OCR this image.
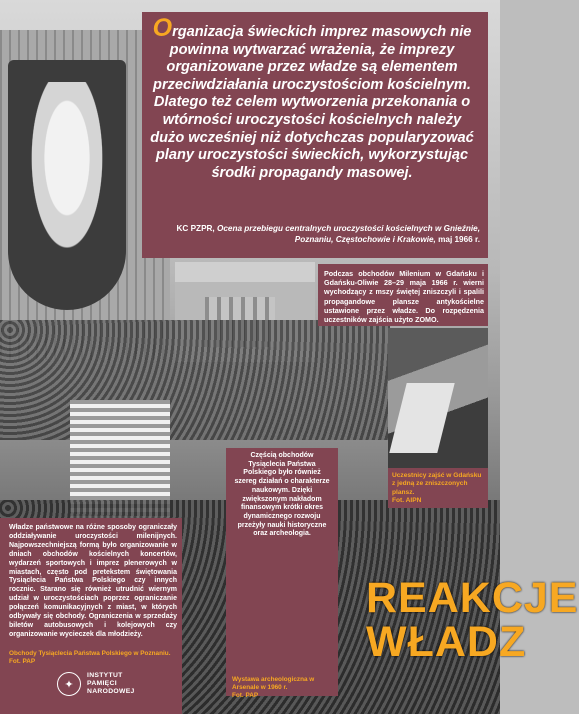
Organizacja świeckich imprez masowych nie powinna wytwarzać wrażenia, że imprezy organizowane przez władze są elementem przeciwdziałania uroczystościom kościelnym. Dlatego też celem wytworzenia przekonania o wtórności uroczystości kościelnych należy dużo wcześniej niż dotychczas popularyzować plany uroczystości świeckich, wykorzystując środki propagandy masowej.
KC PZPR, Ocena przebiegu centralnych uroczystości kościelnych w Gnieźnie, Poznaniu, Częstochowie i Krakowie, maj 1966 r.
Podczas obchodów Milenium w Gdańsku i Gdańsku-Oliwie 28–29 maja 1966 r. wierni wychodzący z mszy świętej zniszczyli i spalili propagandowe plansze antykościelne ustawione przez władze. Do rozpędzenia uczestników zajścia użyto ZOMO.
Uczestnicy zajść w Gdańsku z jedną ze zniszczonych plansz.
Fot. AIPN
Częścią obchodów Tysiąclecia Państwa Polskiego było również szereg działań o charakterze naukowym. Dzięki zwiększonym nakładom finansowym krótki okres dynamicznego rozwoju przeżyły nauki historyczne oraz archeologia.
Wystawa archeologiczna w Arsenale w 1960 r.
Fot. PAP
Władze państwowe na różne sposoby ograniczały oddziaływanie uroczystości milenijnych. Najpowszechniejszą formą było organizowanie w dniach obchodów kościelnych koncertów, wydarzeń sportowych i imprez plenerowych w miastach, często pod pretekstem świętowania Tysiąclecia Państwa Polskiego czy innych rocznic. Starano się również utrudnić wiernym udział w uroczystościach poprzez ograniczanie połączeń komunikacyjnych z miast, w których odbywały się obchody. Ograniczenia w sprzedaży biletów autobusowych i kolejowych czy organizowanie wycieczek dla młodzieży.
Obchody Tysiąclecia Państwa Polskiego w Poznaniu.
Fot. PAP
✦
INSTYTUT
PAMIĘCI
NARODOWEJ
REAKCJE
WŁADZ
